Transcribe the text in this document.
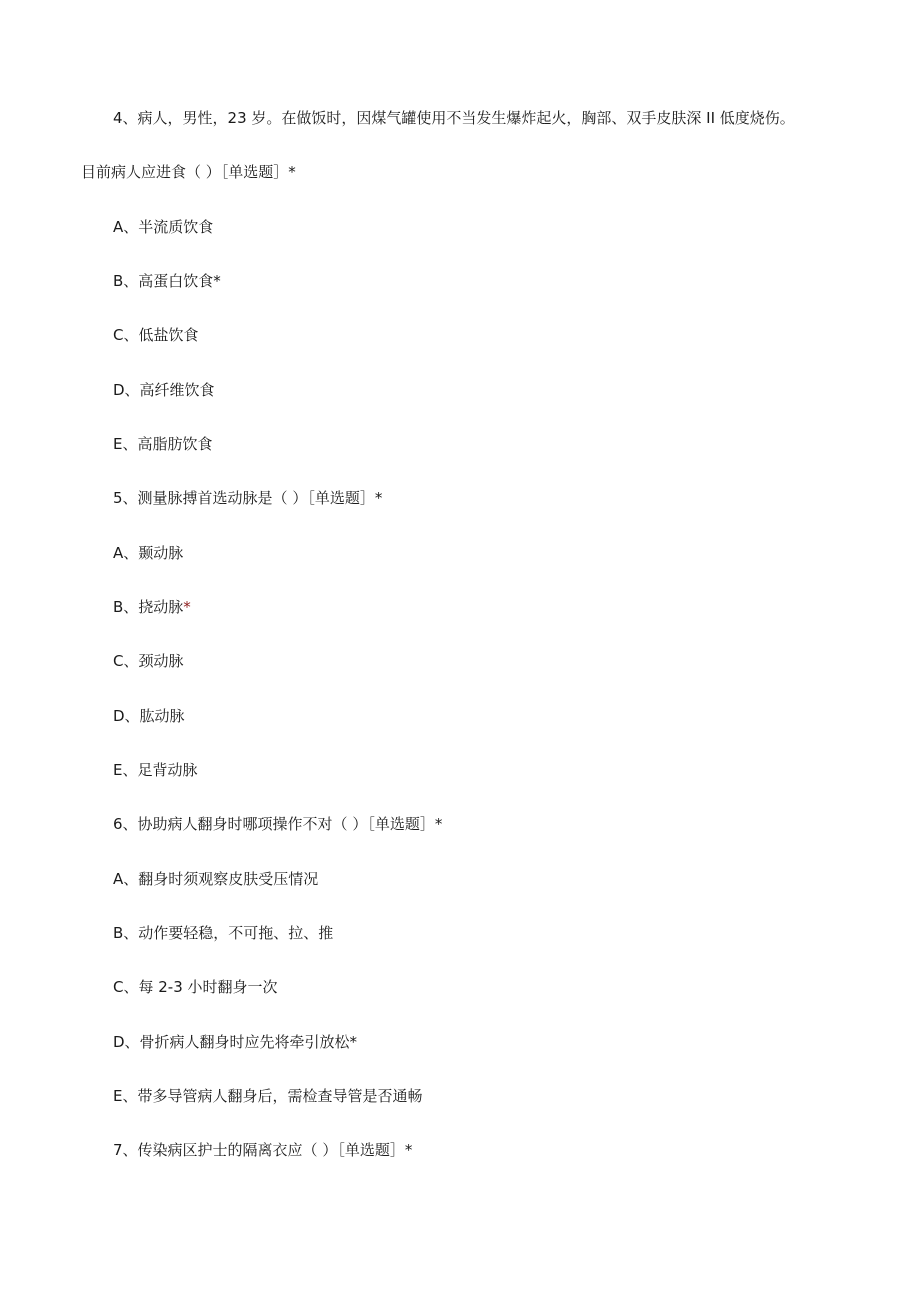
4、病人，男性，23 岁。在做饭时，因煤气罐使用不当发生爆炸起火，胸部、双手皮肤深 II 低度烧伤。
目前病人应进食（ ）［单选题］*
A、半流质饮食
B、高蛋白饮食*
C、低盐饮食
D、高纤维饮食
E、高脂肪饮食
5、测量脉搏首选动脉是（ ）［单选题］*
A、颞动脉
B、挠动脉*
C、颈动脉
D、肱动脉
E、足背动脉
6、协助病人翻身时哪项操作不对（ ）［单选题］*
A、翻身时须观察皮肤受压情况
B、动作要轻稳，不可拖、拉、推
C、每 2-3 小时翻身一次
D、骨折病人翻身时应先将牵引放松*
E、带多导管病人翻身后，需检查导管是否通畅
7、传染病区护士的隔离衣应（ ）［单选题］*
